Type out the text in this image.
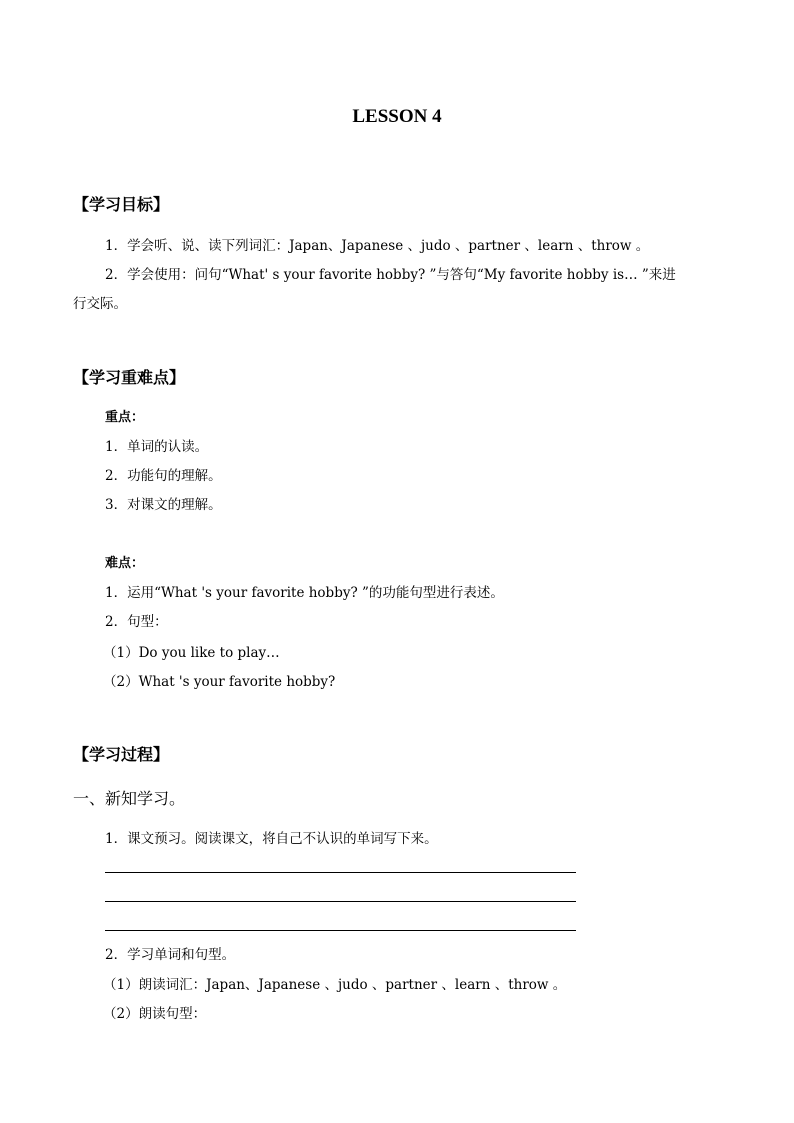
LESSON 4
【学习目标】
1．学会听、说、读下列词汇：Japan、Japanese 、judo 、partner 、learn 、throw 。
2．学会使用：问句“What' s your favorite hobby? ”与答句“My favorite hobby is… ”来进
行交际。
【学习重难点】
重点：
1．单词的认读。
2．功能句的理解。
3．对课文的理解。
难点：
1．运用“What 's your favorite hobby? ”的功能句型进行表述。
2．句型：
（1）Do you like to play…
（2）What 's your favorite hobby?
【学习过程】
一、新知学习。
1．课文预习。阅读课文，将自己不认识的单词写下来。
2．学习单词和句型。
（1）朗读词汇：Japan、Japanese 、judo 、partner 、learn 、throw 。
（2）朗读句型：
